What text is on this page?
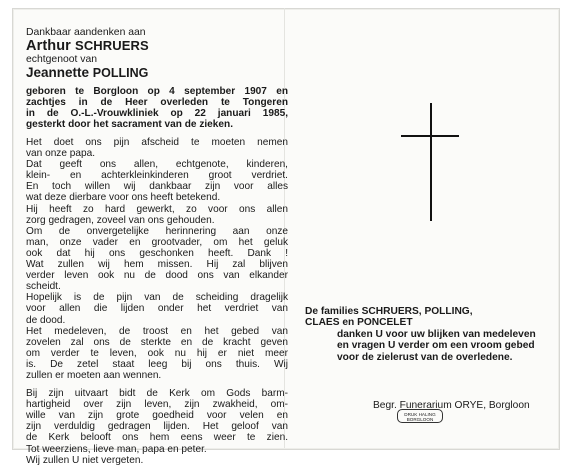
Dankbaar aandenken aan
Arthur SCHRUERS
echtgenoot van
Jeannette POLLING
geboren te Borgloon op 4 september 1907 en
zachtjes in de Heer overleden te Tongeren
in de O.-L.-Vrouwkliniek op 22 januari 1985,
gesterkt door het sacrament van de zieken.
Het doet ons pijn afscheid te moeten nemen
van onze papa.
Dat geeft ons allen, echtgenote, kinderen,
klein- en achterkleinkinderen groot verdriet.
En toch willen wij dankbaar zijn voor alles
wat deze dierbare voor ons heeft betekend.
Hij heeft zo hard gewerkt, zo voor ons allen
zorg gedragen, zoveel van ons gehouden.
Om de onvergetelijke herinnering aan onze
man, onze vader en grootvader, om het geluk
ook dat hij ons geschonken heeft. Dank !
Wat zullen wij hem missen. Hij zal blijven
verder leven ook nu de dood ons van elkander
scheidt.
Hopelijk is de pijn van de scheiding dragelijk
voor allen die lijden onder het verdriet van
de dood.
Het medeleven, de troost en het gebed van
zovelen zal ons de sterkte en de kracht geven
om verder te leven, ook nu hij er niet meer
is. De zetel staat leeg bij ons thuis. Wij
zullen er moeten aan wennen.
Bij zijn uitvaart bidt de Kerk om Gods barm-
hartigheid over zijn leven, zijn zwakheid, om-
wille van zijn grote goedheid voor velen en
zijn verduldig gedragen lijden. Het geloof van
de Kerk belooft ons hem eens weer te zien.
Tot weerziens, lieve man, papa en peter.
Wij zullen U niet vergeten.
De families SCHRUERS, POLLING,
CLAES en PONCELET
danken U voor uw blijken van medeleven
en vragen U verder om een vroom gebed
voor de zielerust van de overledene.
Begr. Funerarium ORYE, Borgloon
DRUK HALING
BORGLOON
